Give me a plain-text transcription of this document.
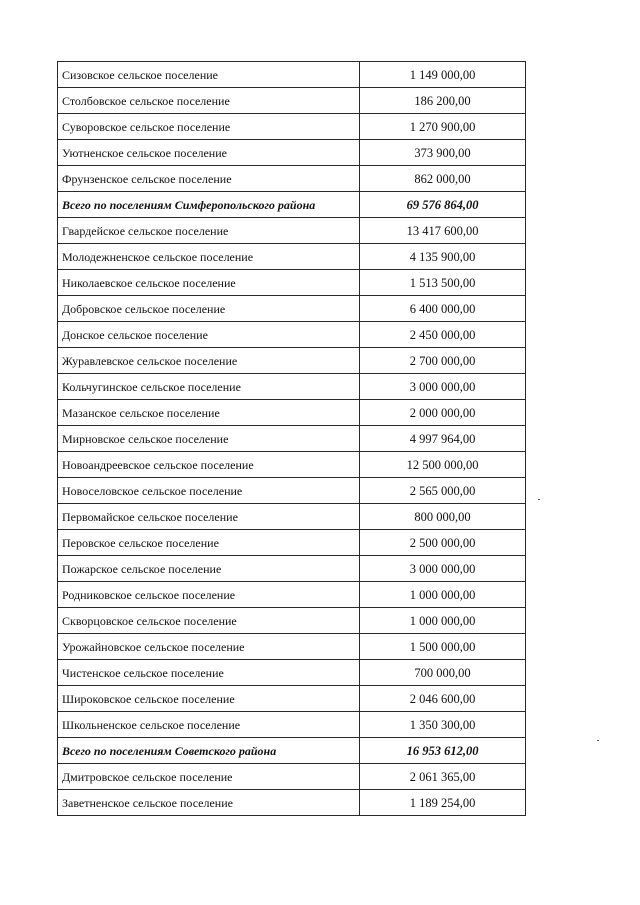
Сизовское сельское поселение	1 149 000,00
Столбовское сельское поселение	186 200,00
Суворовское сельское поселение	1 270 900,00
Уютненское сельское поселение	373 900,00
Фрунзенское сельское поселение	862 000,00
Всего по поселениям Симферопольского района	69 576 864,00
Гвардейское сельское поселение	13 417 600,00
Молодежненское сельское поселение	4 135 900,00
Николаевское сельское поселение	1 513 500,00
Добровское сельское поселение	6 400 000,00
Донское сельское поселение	2 450 000,00
Журавлевское сельское поселение	2 700 000,00
Кольчугинское сельское поселение	3 000 000,00
Мазанское сельское поселение	2 000 000,00
Мирновское сельское поселение	4 997 964,00
Новоандреевское сельское поселение	12 500 000,00
Новоселовское сельское поселение	2 565 000,00
Первомайское сельское поселение	800 000,00
Перовское сельское поселение	2 500 000,00
Пожарское сельское поселение	3 000 000,00
Родниковское сельское поселение	1 000 000,00
Скворцовское сельское поселение	1 000 000,00
Урожайновское сельское поселение	1 500 000,00
Чистенское сельское поселение	700 000,00
Широковское сельское поселение	2 046 600,00
Школьненское сельское поселение	1 350 300,00
Всего по поселениям Советского района	16 953 612,00
Дмитровское сельское поселение	2 061 365,00
Заветненское сельское поселение	1 189 254,00
